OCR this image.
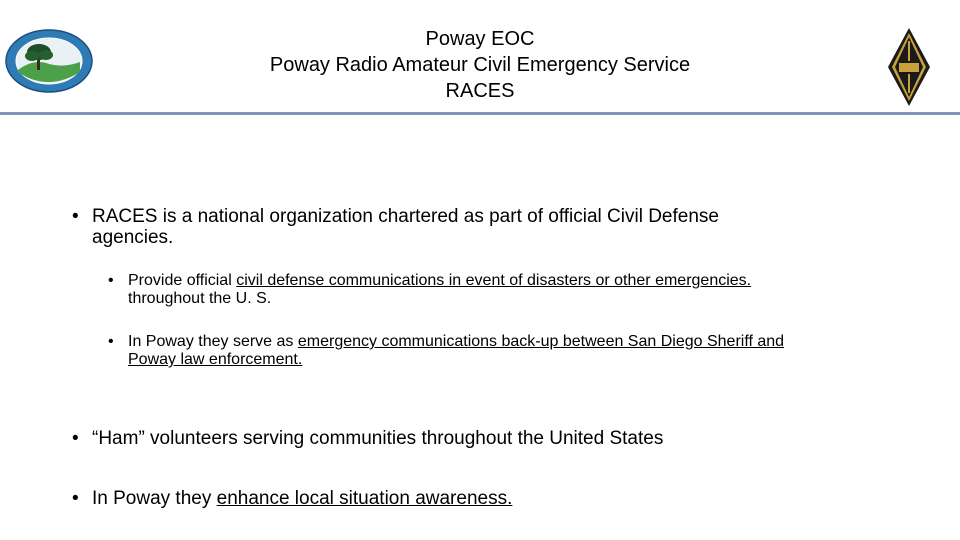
Poway EOC
Poway Radio Amateur Civil Emergency Service
RACES
• RACES is a national organization chartered as part of official Civil Defense
agencies.
• Provide official civil defense communications in event of disasters or other emergencies.
throughout the U. S.
• In Poway they serve as emergency communications back-up between San Diego Sheriff and
Poway law enforcement.
• “Ham” volunteers serving communities throughout the United States
• In Poway they enhance local situation awareness.
